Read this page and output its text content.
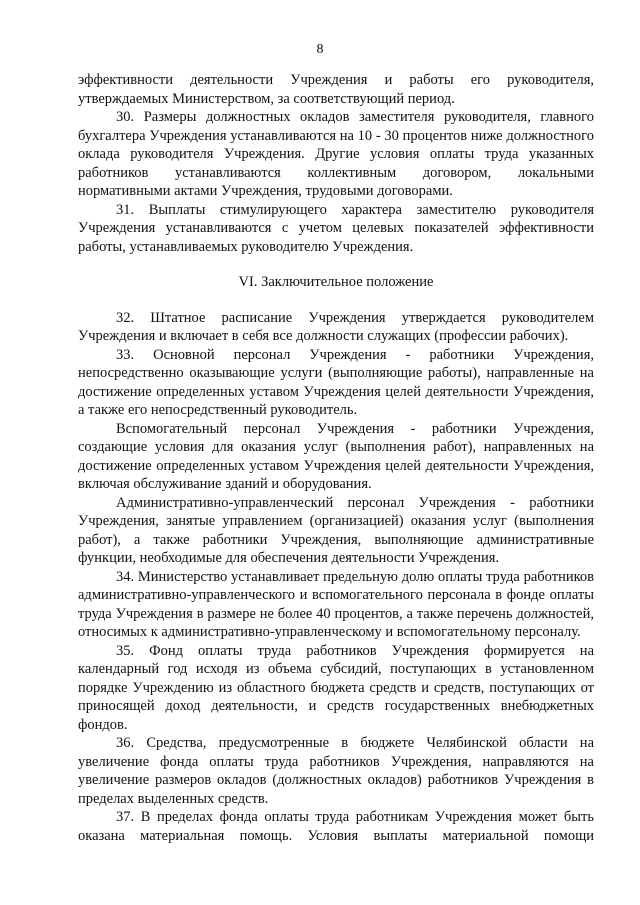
8

эффективности деятельности Учреждения и работы его руководителя, утверждаемых Министерством, за соответствующий период.

30. Размеры должностных окладов заместителя руководителя, главного бухгалтера Учреждения устанавливаются на 10 - 30 процентов ниже должностного оклада руководителя Учреждения. Другие условия оплаты труда указанных работников устанавливаются коллективным договором, локальными нормативными актами Учреждения, трудовыми договорами.

31. Выплаты стимулирующего характера заместителю руководителя Учреждения устанавливаются с учетом целевых показателей эффективности работы, устанавливаемых руководителю Учреждения.

VI. Заключительное положение

32. Штатное расписание Учреждения утверждается руководителем Учреждения и включает в себя все должности служащих (профессии рабочих).

33. Основной персонал Учреждения - работники Учреждения, непосредственно оказывающие услуги (выполняющие работы), направленные на достижение определенных уставом Учреждения целей деятельности Учреждения, а также его непосредственный руководитель.

Вспомогательный персонал Учреждения - работники Учреждения, создающие условия для оказания услуг (выполнения работ), направленных на достижение определенных уставом Учреждения целей деятельности Учреждения, включая обслуживание зданий и оборудования.

Административно-управленческий персонал Учреждения - работники Учреждения, занятые управлением (организацией) оказания услуг (выполнения работ), а также работники Учреждения, выполняющие административные функции, необходимые для обеспечения деятельности Учреждения.

34. Министерство устанавливает предельную долю оплаты труда работников административно-управленческого и вспомогательного персонала в фонде оплаты труда Учреждения в размере не более 40 процентов, а также перечень должностей, относимых к административно-управленческому и вспомогательному персоналу.

35. Фонд оплаты труда работников Учреждения формируется на календарный год исходя из объема субсидий, поступающих в установленном порядке Учреждению из областного бюджета средств и средств, поступающих от приносящей доход деятельности, и средств государственных внебюджетных фондов.

36. Средства, предусмотренные в бюджете Челябинской области на увеличение фонда оплаты труда работников Учреждения, направляются на увеличение размеров окладов (должностных окладов) работников Учреждения в пределах выделенных средств.

37. В пределах фонда оплаты труда работникам Учреждения может быть оказана материальная помощь. Условия выплаты материальной помощи
